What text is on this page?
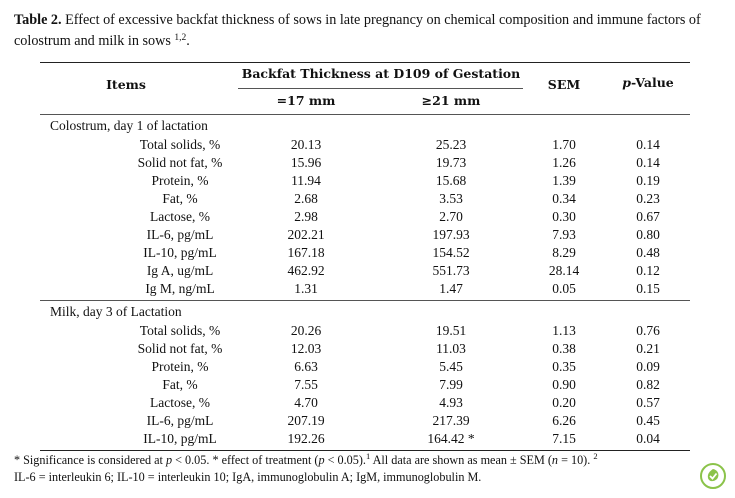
Table 2. Effect of excessive backfat thickness of sows in late pregnancy on chemical composition and immune factors of colostrum and milk in sows $^{1,2}$.
Items
Backfat Thickness at D109 of Gestation
=17 mm	≥21 mm
SEM	p-Value
Colostrum, day 1 of lactation
Total solids, %	20.13	25.23	1.70	0.14
Solid not fat, %	15.96	19.73	1.26	0.14
Protein, %	11.94	15.68	1.39	0.19
Fat, %	2.68	3.53	0.34	0.23
Lactose, %	2.98	2.70	0.30	0.67
IL-6, pg/mL	202.21	197.93	7.93	0.80
IL-10, pg/mL	167.18	154.52	8.29	0.48
Ig A, ug/mL	462.92	551.73	28.14	0.12
Ig M, ng/mL	1.31	1.47	0.05	0.15
Milk, day 3 of Lactation
Total solids, %	20.26	19.51	1.13	0.76
Solid not fat, %	12.03	11.03	0.38	0.21
Protein, %	6.63	5.45	0.35	0.09
Fat, %	7.55	7.99	0.90	0.82
Lactose, %	4.70	4.93	0.20	0.57
IL-6, pg/mL	207.19	217.39	6.26	0.45
IL-10, pg/mL	192.26	164.42 *	7.15	0.04
* Significance is considered at p < 0.05. * effect of treatment (p < 0.05).$^1$ All data are shown as mean ± SEM (n = 10). $^2$
IL-6 = interleukin 6; IL-10 = interleukin 10; IgA, immunoglobulin A; IgM, immunoglobulin M.
